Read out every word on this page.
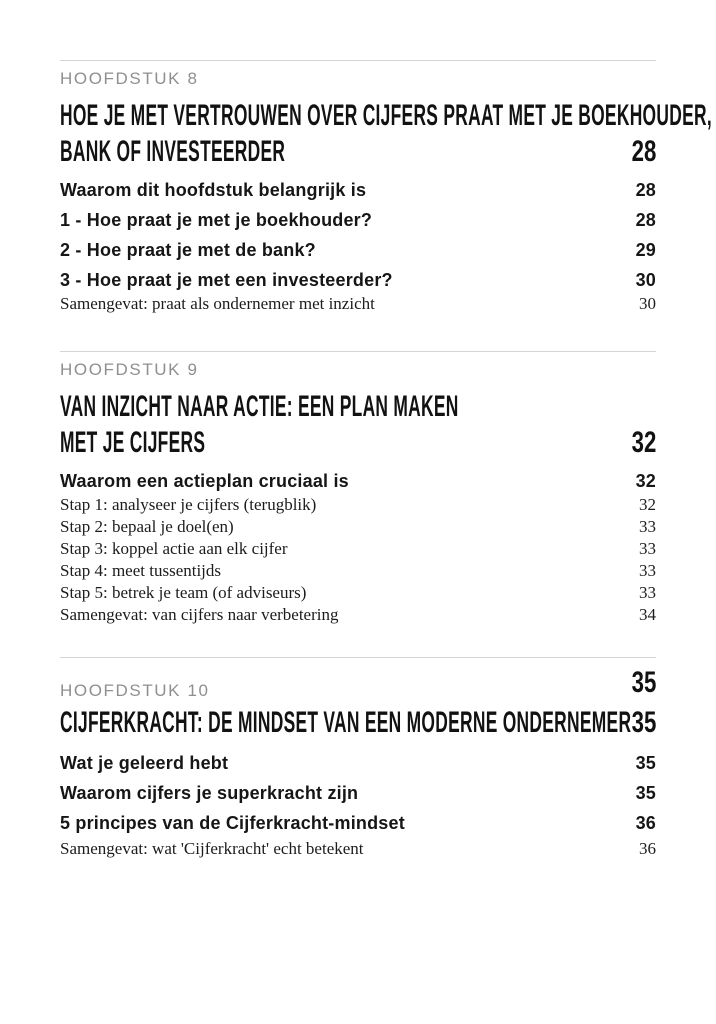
HOOFDSTUK 8
HOE JE MET VERTROUWEN OVER CIJFERS PRAAT MET JE BOEKHOUDER,
BANK OF INVESTEERDER	28
Waarom dit hoofdstuk belangrijk is	28
1 - Hoe praat je met je boekhouder?	28
2 - Hoe praat je met de bank?	29
3 - Hoe praat je met een investeerder?	30
Samengevat: praat als ondernemer met inzicht	30
HOOFDSTUK 9
VAN INZICHT NAAR ACTIE: EEN PLAN MAKEN
MET JE CIJFERS	32
Waarom een actieplan cruciaal is	32
Stap 1: analyseer je cijfers (terugblik)	32
Stap 2: bepaal je doel(en)	33
Stap 3: koppel actie aan elk cijfer	33
Stap 4: meet tussentijds	33
Stap 5: betrek je team (of adviseurs)	33
Samengevat: van cijfers naar verbetering	34
HOOFDSTUK 10	35
CIJFERKRACHT: DE MINDSET VAN EEN MODERNE ONDERNEMER 35
Wat je geleerd hebt	35
Waarom cijfers je superkracht zijn	35
5 principes van de Cijferkracht-mindset	36
Samengevat: wat 'Cijferkracht' echt betekent	36
